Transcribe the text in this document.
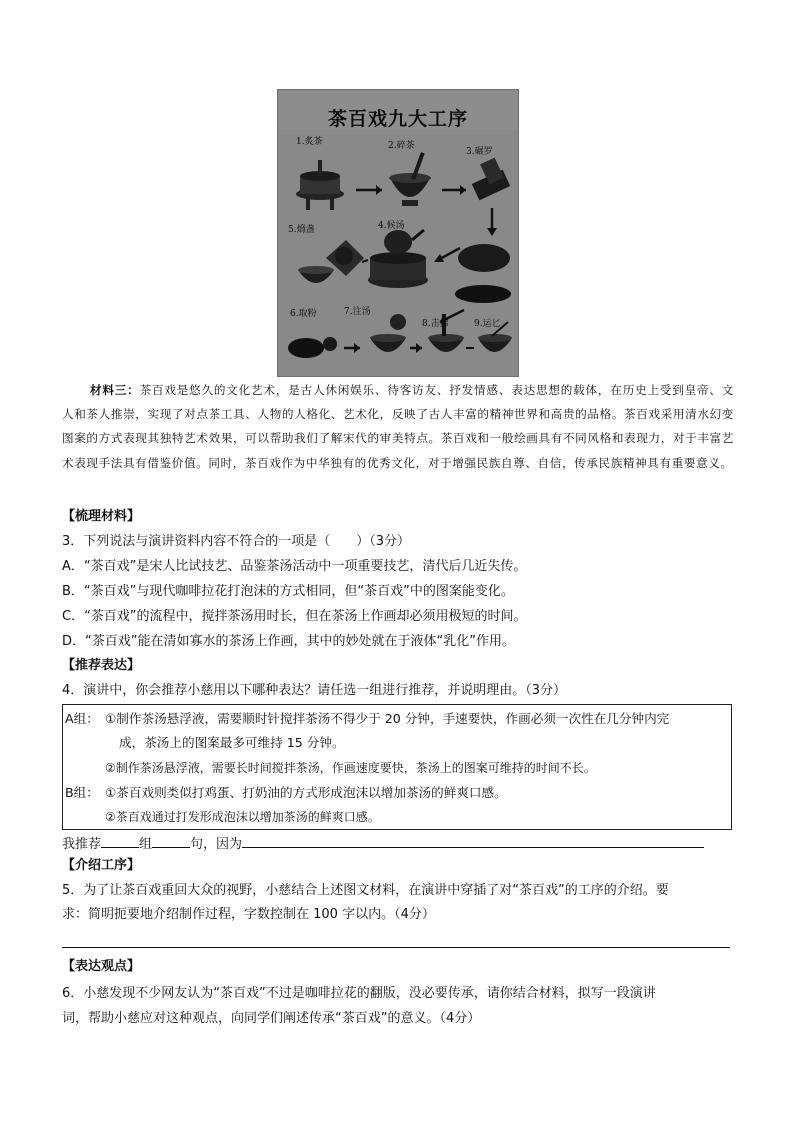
茶百戏九大工序
1.炙茶	2.碎茶
3.碾罗
4.候汤
5.熁盏
6.取粉	7.注汤
8.击拂	9.运匕
材料三：茶百戏是悠久的文化艺术，是古人休闲娱乐、待客访友、抒发情感、表达思想的载体，在历史上受到皇帝、文人和茶人推崇，实现了对点茶工具、人物的人格化、艺术化，反映了古人丰富的精神世界和高贵的品格。茶百戏采用清水幻变图案的方式表现其独特艺术效果，可以帮助我们了解宋代的审美特点。茶百戏和一般绘画具有不同风格和表现力，对于丰富艺术表现手法具有借鉴价值。同时，茶百戏作为中华独有的优秀文化，对于增强民族自尊、自信，传承民族精神具有重要意义。
【梳理材料】
3．下列说法与演讲资料内容不符合的一项是（　　）（3分）
A．“茶百戏”是宋人比试技艺、品鉴茶汤活动中一项重要技艺，清代后几近失传。
B．“茶百戏”与现代咖啡拉花打泡沫的方式相同，但“茶百戏”中的图案能变化。
C．“茶百戏”的流程中，搅拌茶汤用时长，但在茶汤上作画却必须用极短的时间。
D．“茶百戏”能在清如寡水的茶汤上作画，其中的妙处就在于液体“乳化”作用。
【推荐表达】
4．演讲中，你会推荐小慈用以下哪种表达？请任选一组进行推荐，并说明理由。（3分）
A组： ①制作茶汤悬浮液，需要顺时针搅拌茶汤不得少于 20 分钟，手速要快，作画必须一次性在几分钟内完
成，茶汤上的图案最多可维持 15 分钟。
②制作茶汤悬浮液，需要长时间搅拌茶汤，作画速度要快，茶汤上的图案可维持的时间不长。
B组： ①茶百戏则类似打鸡蛋、打奶油的方式形成泡沫以增加茶汤的鲜爽口感。
②茶百戏通过打发形成泡沫以增加茶汤的鲜爽口感。
我推荐	组	句，因为
【介绍工序】
5．为了让茶百戏重回大众的视野，小慈结合上述图文材料，在演讲中穿插了对“茶百戏”的工序的介绍。要
求：简明扼要地介绍制作过程，字数控制在 100 字以内。（4分）
【表达观点】
6．小慈发现不少网友认为“茶百戏”不过是咖啡拉花的翻版，没必要传承，请你结合材料，拟写一段演讲
词，帮助小慈应对这种观点，向同学们阐述传承“茶百戏”的意义。（4分）
